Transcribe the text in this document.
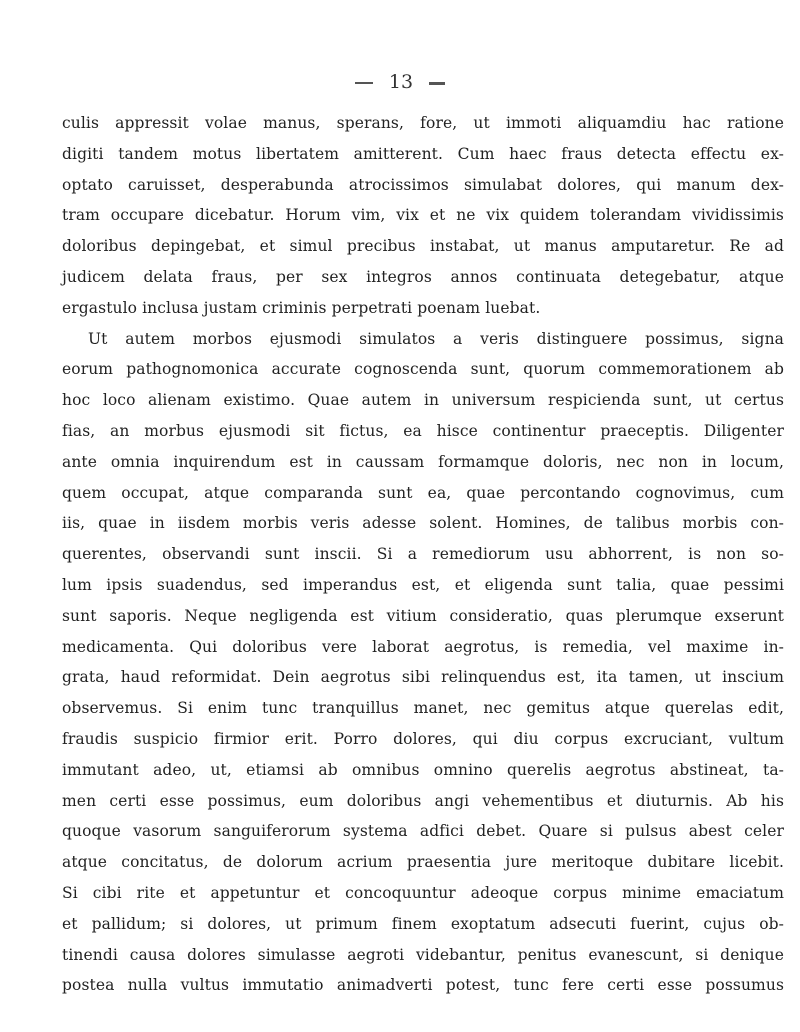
13
culis appressit volae manus, sperans, fore, ut immoti aliquamdiu hac ratione
digiti tandem motus libertatem amitterent. Cum haec fraus detecta effectu ex-
optato caruisset, desperabunda atrocissimos simulabat dolores, qui manum dex-
tram occupare dicebatur. Horum vim, vix et ne vix quidem tolerandam vividissimis
doloribus depingebat, et simul precibus instabat, ut manus amputaretur. Re ad
judicem delata fraus, per sex integros annos continuata detegebatur, atque
ergastulo inclusa justam criminis perpetrati poenam luebat.
Ut autem morbos ejusmodi simulatos a veris distinguere possimus, signa
eorum pathognomonica accurate cognoscenda sunt, quorum commemorationem ab
hoc loco alienam existimo. Quae autem in universum respicienda sunt, ut certus
fias, an morbus ejusmodi sit fictus, ea hisce continentur praeceptis. Diligenter
ante omnia inquirendum est in caussam formamque doloris, nec non in locum,
quem occupat, atque comparanda sunt ea, quae percontando cognovimus, cum
iis, quae in iisdem morbis veris adesse solent. Homines, de talibus morbis con-
querentes, observandi sunt inscii. Si a remediorum usu abhorrent, is non so-
lum ipsis suadendus, sed imperandus est, et eligenda sunt talia, quae pessimi
sunt saporis. Neque negligenda est vitium consideratio, quas plerumque exserunt
medicamenta. Qui doloribus vere laborat aegrotus, is remedia, vel maxime in-
grata, haud reformidat. Dein aegrotus sibi relinquendus est, ita tamen, ut inscium
observemus. Si enim tunc tranquillus manet, nec gemitus atque querelas edit,
fraudis suspicio firmior erit. Porro dolores, qui diu corpus excruciant, vultum
immutant adeo, ut, etiamsi ab omnibus omnino querelis aegrotus abstineat, ta-
men certi esse possimus, eum doloribus angi vehementibus et diuturnis. Ab his
quoque vasorum sanguiferorum systema adfici debet. Quare si pulsus abest celer
atque concitatus, de dolorum acrium praesentia jure meritoque dubitare licebit.
Si cibi rite et appetuntur et concoquuntur adeoque corpus minime emaciatum
et pallidum; si dolores, ut primum finem exoptatum adsecuti fuerint, cujus ob-
tinendi causa dolores simulasse aegroti videbantur, penitus evanescunt, si denique
postea nulla vultus immutatio animadverti potest, tunc fere certi esse possumus
